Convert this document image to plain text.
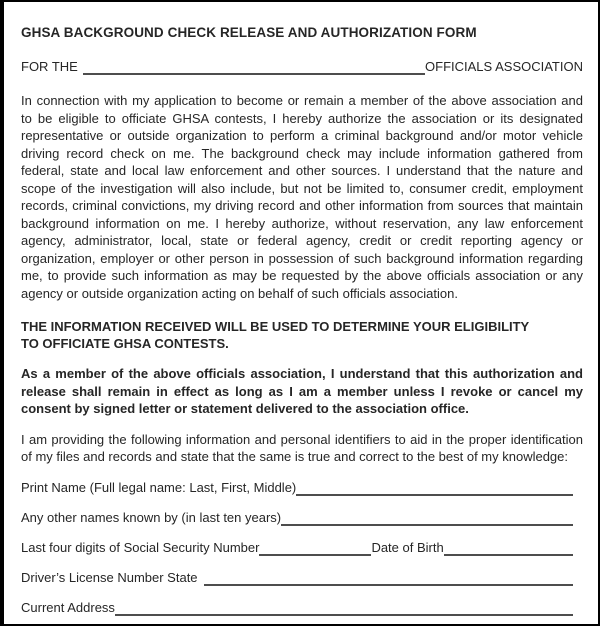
GHSA BACKGROUND CHECK RELEASE AND AUTHORIZATION FORM
FOR THE	OFFICIALS ASSOCIATION
In connection with my application to become or remain a member of the above association and
to be eligible to officiate GHSA contests, I hereby authorize the association or its designated
representative or outside organization to perform a criminal background and/or motor vehicle
driving record check on me. The background check may include information gathered from
federal, state and local law enforcement and other sources. I understand that the nature and
scope of the investigation will also include, but not be limited to, consumer credit, employment
records, criminal convictions, my driving record and other information from sources that maintain
background information on me. I hereby authorize, without reservation, any law enforcement
agency, administrator, local, state or federal agency, credit or credit reporting agency or
organization, employer or other person in possession of such background information regarding
me, to provide such information as may be requested by the above officials association or any
agency or outside organization acting on behalf of such officials association.
THE INFORMATION RECEIVED WILL BE USED TO DETERMINE YOUR ELIGIBILITY
TO OFFICIATE GHSA CONTESTS.
As a member of the above officials association, I understand that this authorization and
release shall remain in effect as long as I am a member unless I revoke or cancel my
consent by signed letter or statement delivered to the association office.
I am providing the following information and personal identifiers to aid in the proper identification
of my files and records and state that the same is true and correct to the best of my knowledge:
Print Name (Full legal name: Last, First, Middle)
Any other names known by (in last ten years)
Last four digits of Social Security Number	Date of Birth
Driver’s License Number State
Current Address
